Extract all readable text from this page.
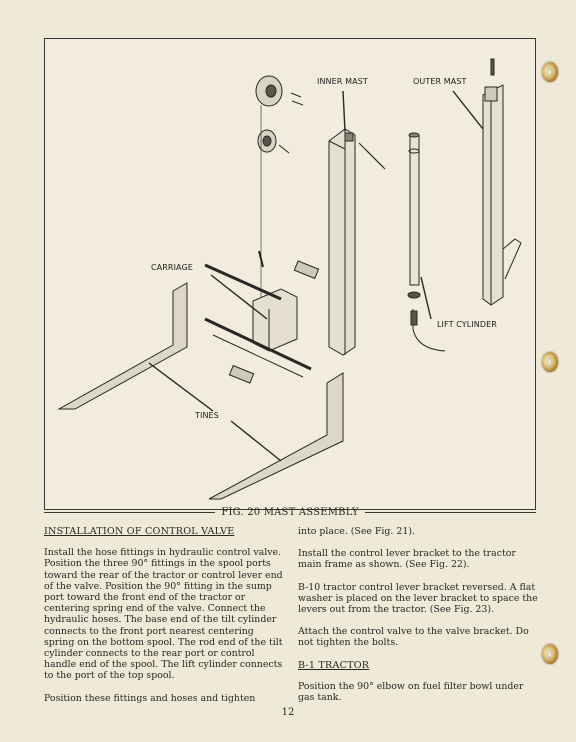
INNER MAST	OUTER MAST
CARRIAGE
LIFT CYLINDER
TINES
FIG. 20 MAST ASSEMBLY

INSTALLATION OF CONTROL VALVE

Install the hose fittings in hydraulic control valve. Position the three 90° fittings in the spool ports toward the rear of the tractor or control lever end of the valve. Position the 90° fitting in the sump port toward the front end of the tractor or centering spring end of the valve. Connect the hydraulic hoses. The base end of the tilt cylinder connects to the front port nearest centering spring on the bottom spool. The rod end of the tilt cylinder connects to the rear port or control handle end of the spool. The lift cylinder connects to the port of the top spool.

Position these fittings and hoses and tighten

into place. (See Fig. 21).

Install the control lever bracket to the tractor main frame as shown. (See Fig. 22).

B-10 tractor control lever bracket reversed. A flat washer is placed on the lever bracket to space the levers out from the tractor. (See Fig. 23).

Attach the control valve to the valve bracket. Do not tighten the bolts.

B-1 TRACTOR

Position the 90° elbow on fuel filter bowl under gas tank.

12
